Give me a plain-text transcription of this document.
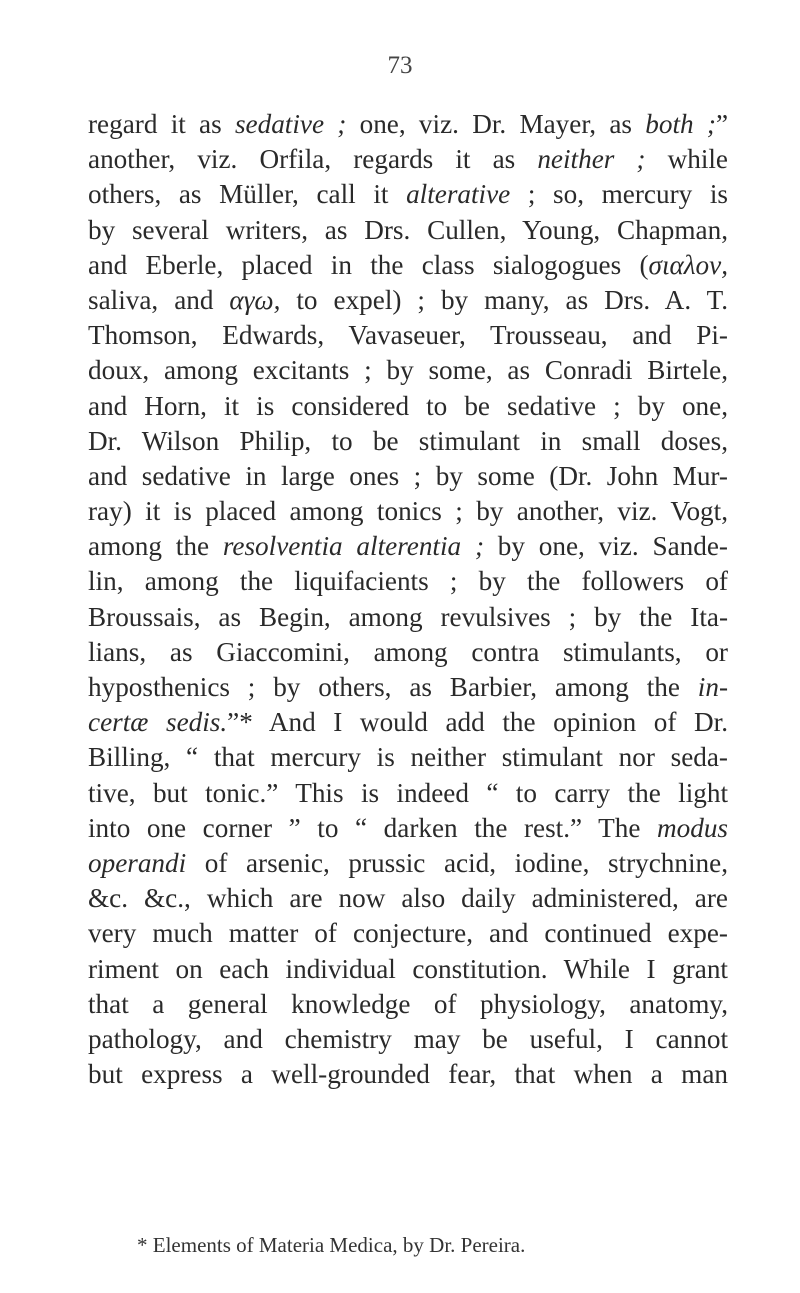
73
regard it as sedative ; one, viz. Dr. Mayer, as both ;”
another, viz. Orfila, regards it as neither ; while
others, as Müller, call it alterative ; so, mercury is
by several writers, as Drs. Cullen, Young, Chapman,
and Eberle, placed in the class sialogogues (σιαλον,
saliva, and αγω, to expel) ; by many, as Drs. A. T.
Thomson, Edwards, Vavaseuer, Trousseau, and Pi-
doux, among excitants ; by some, as Conradi Birtele,
and Horn, it is considered to be sedative ; by one,
Dr. Wilson Philip, to be stimulant in small doses,
and sedative in large ones ; by some (Dr. John Mur-
ray) it is placed among tonics ; by another, viz. Vogt,
among the resolventia alterentia ; by one, viz. Sande-
lin, among the liquifacients ; by the followers of
Broussais, as Begin, among revulsives ; by the Ita-
lians, as Giaccomini, among contra stimulants, or
hyposthenics ; by others, as Barbier, among the in-
certæ sedis.”* And I would add the opinion of Dr.
Billing, “ that mercury is neither stimulant nor seda-
tive, but tonic.” This is indeed “ to carry the light
into one corner ” to “ darken the rest.” The modus
operandi of arsenic, prussic acid, iodine, strychnine,
&c. &c., which are now also daily administered, are
very much matter of conjecture, and continued expe-
riment on each individual constitution. While I grant
that a general knowledge of physiology, anatomy,
pathology, and chemistry may be useful, I cannot
but express a well-grounded fear, that when a man
* Elements of Materia Medica, by Dr. Pereira.
